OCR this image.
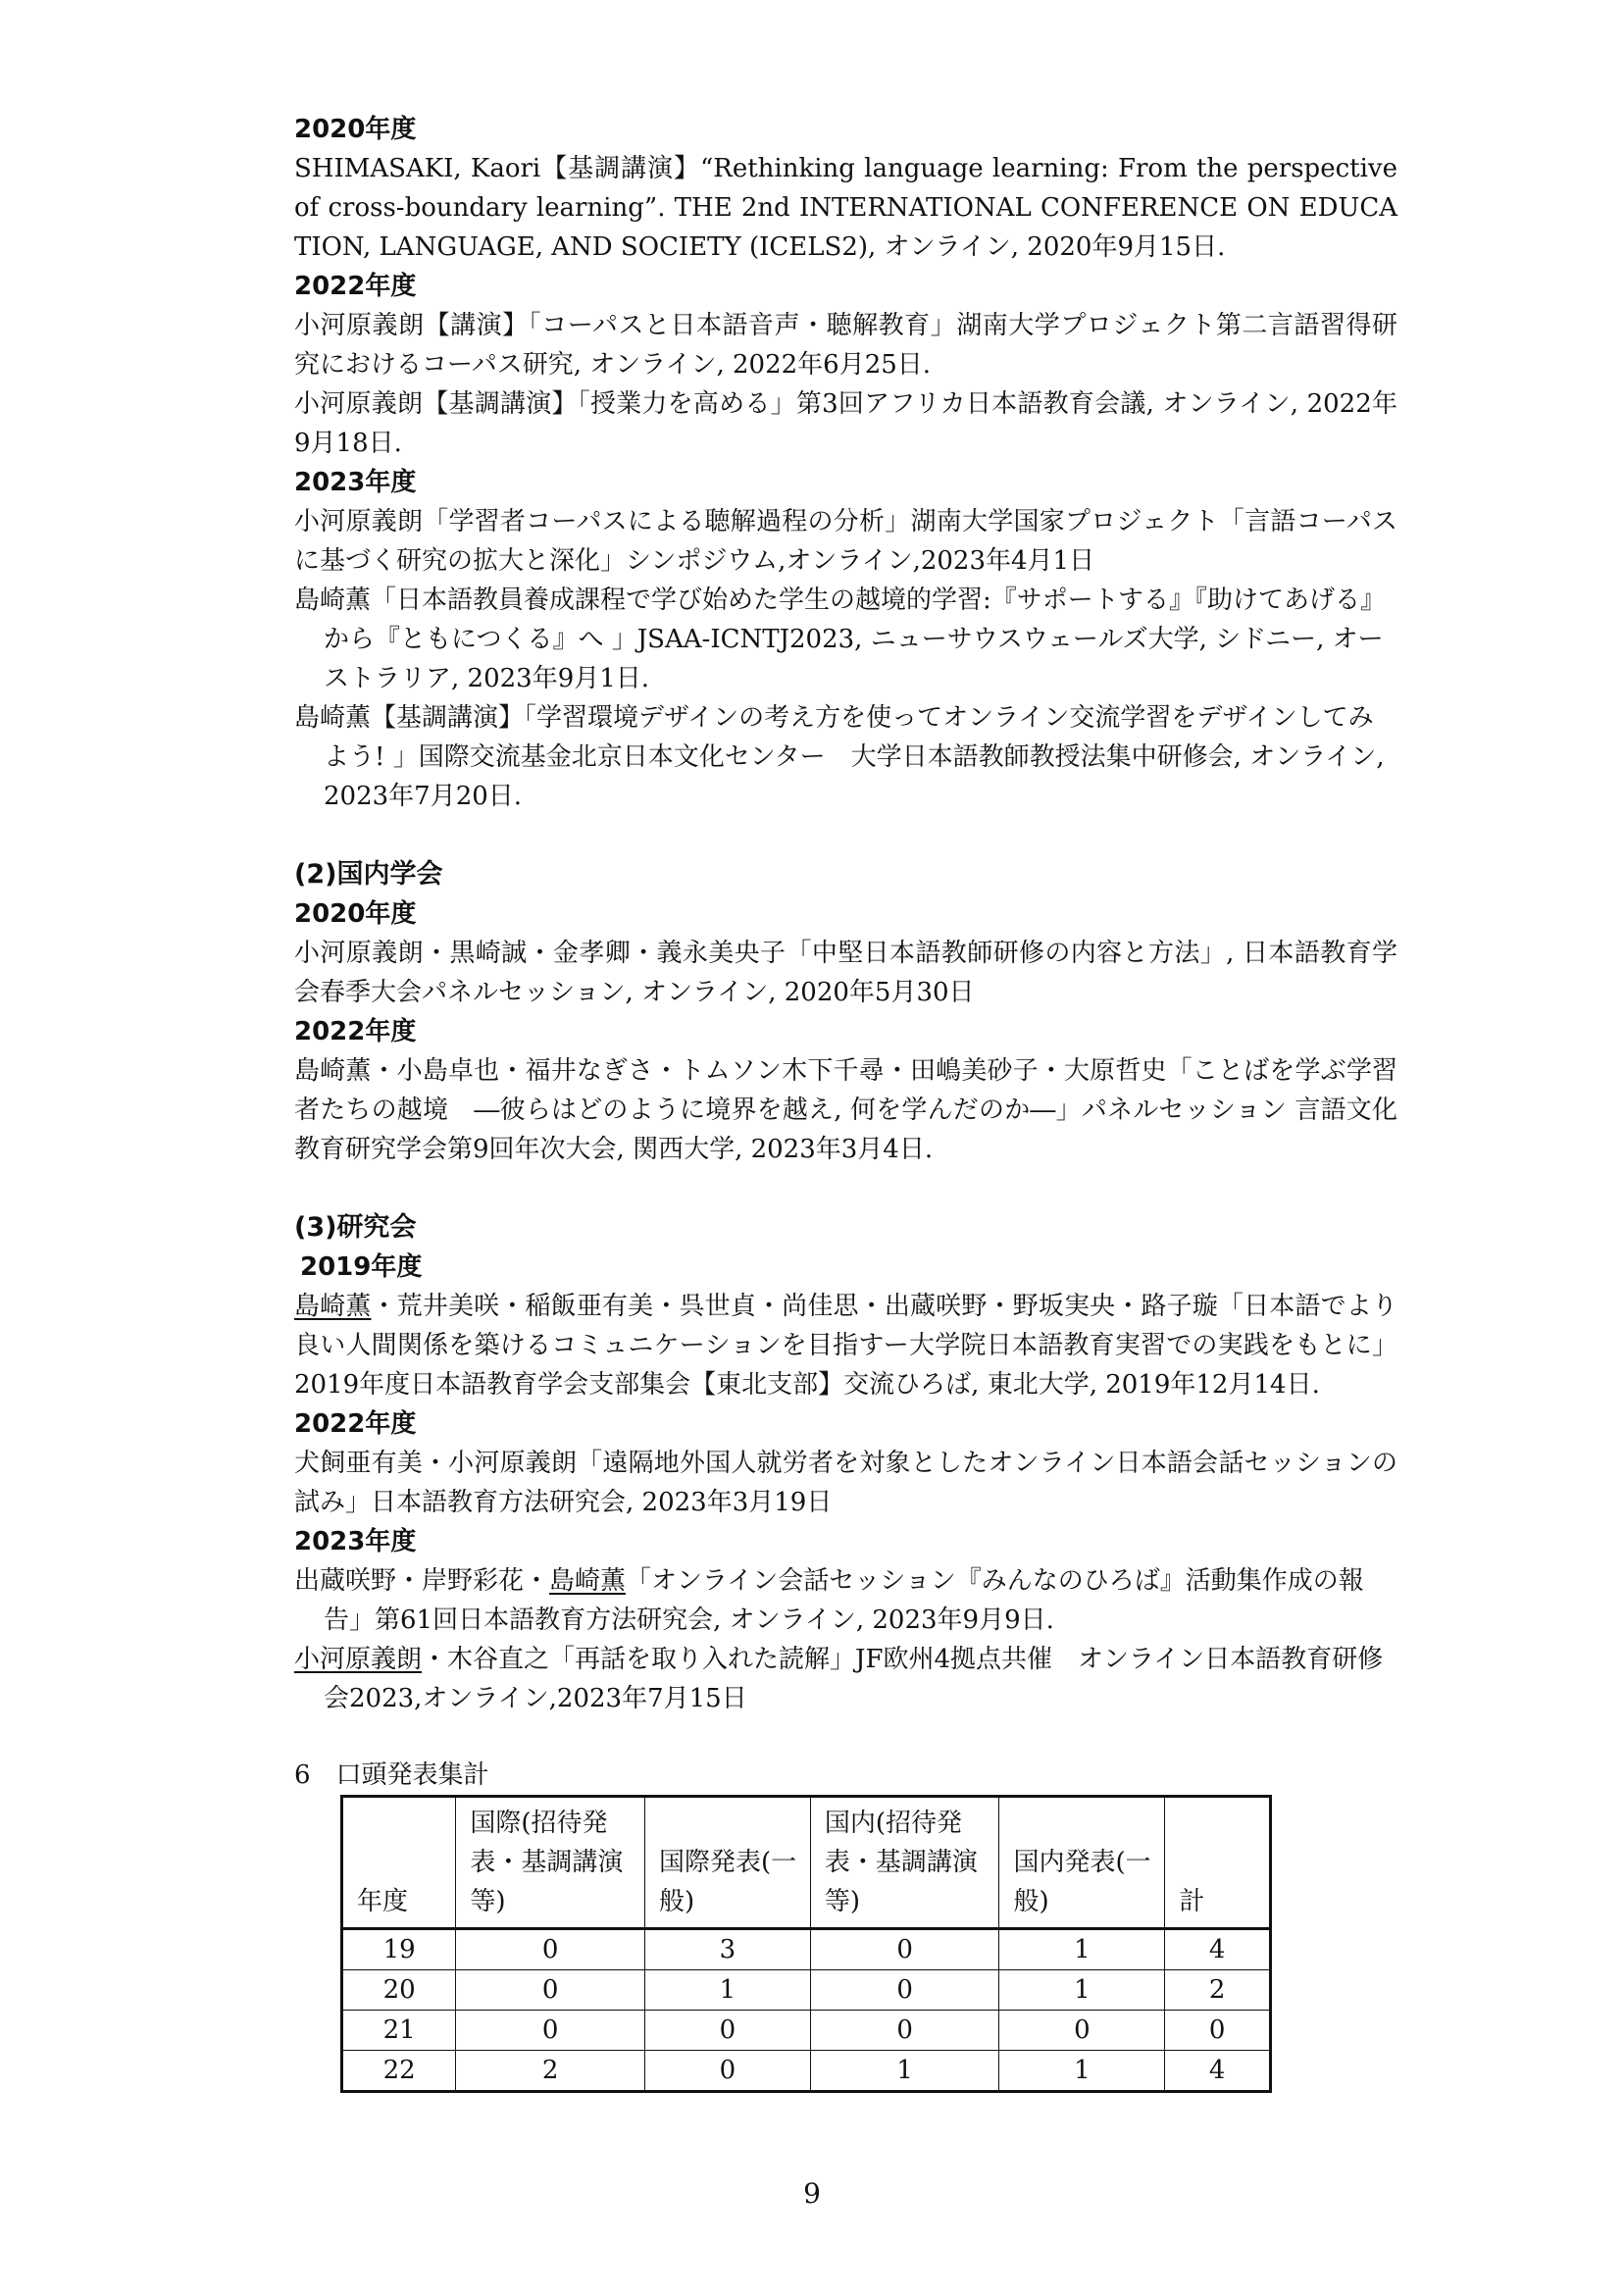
2020年度

SHIMASAKI, Kaori【基調講演】“Rethinking language learning: From the perspective of cross-boundary learning”. THE 2nd INTERNATIONAL CONFERENCE ON EDUCATION, LANGUAGE, AND SOCIETY (ICELS2), オンライン, 2020年9月15日.

2022年度

小河原義朗【講演】「コーパスと日本語音声・聴解教育」湖南大学プロジェクト第二言語習得研究におけるコーパス研究, オンライン, 2022年6月25日.

小河原義朗【基調講演】「授業力を高める」第3回アフリカ日本語教育会議, オンライン, 2022年9月18日.

2023年度

小河原義朗「学習者コーパスによる聴解過程の分析」湖南大学国家プロジェクト「言語コーパスに基づく研究の拡大と深化」シンポジウム,オンライン,2023年4月1日

島崎薫「日本語教員養成課程で学び始めた学生の越境的学習:『サポートする』『助けてあげる』から『ともにつくる』へ 」JSAA-ICNTJ2023, ニューサウスウェールズ大学, シドニー, オーストラリア, 2023年9月1日.

島崎薫【基調講演】「学習環境デザインの考え方を使ってオンライン交流学習をデザインしてみよう! 」国際交流基金北京日本文化センター　大学日本語教師教授法集中研修会, オンライン, 2023年7月20日.

(2)国内学会

2020年度

小河原義朗・黒崎誠・金孝卿・義永美央子「中堅日本語教師研修の内容と方法」, 日本語教育学会春季大会パネルセッション, オンライン, 2020年5月30日

2022年度

島崎薫・小島卓也・福井なぎさ・トムソン木下千尋・田嶋美砂子・大原哲史「ことばを学ぶ学習者たちの越境　―彼らはどのように境界を越え, 何を学んだのか―」パネルセッション 言語文化教育研究学会第9回年次大会, 関西大学, 2023年3月4日.

(3)研究会

2019年度

島崎薫・荒井美咲・稲飯亜有美・呉世貞・尚佳思・出蔵咲野・野坂実央・路子璇「日本語でより良い人間関係を築けるコミュニケーションを目指すー大学院日本語教育実習での実践をもとに」2019年度日本語教育学会支部集会【東北支部】交流ひろば, 東北大学, 2019年12月14日.

2022年度

犬飼亜有美・小河原義朗「遠隔地外国人就労者を対象としたオンライン日本語会話セッションの試み」日本語教育方法研究会, 2023年3月19日

2023年度

出蔵咲野・岸野彩花・島崎薫「オンライン会話セッション『みんなのひろば』活動集作成の報告」第61回日本語教育方法研究会, オンライン, 2023年9月9日.

小河原義朗・木谷直之「再話を取り入れた読解」JF欧州4拠点共催　オンライン日本語教育研修会2023,オンライン,2023年7月15日

6　口頭発表集計

年度	国際(招待発表・基調講演等)	国際発表(一般)	国内(招待発表・基調講演等)	国内発表(一般)	計
19	0	3	0	1	4
20	0	1	0	1	2
21	0	0	0	0	0
22	2	0	1	1	4
9
